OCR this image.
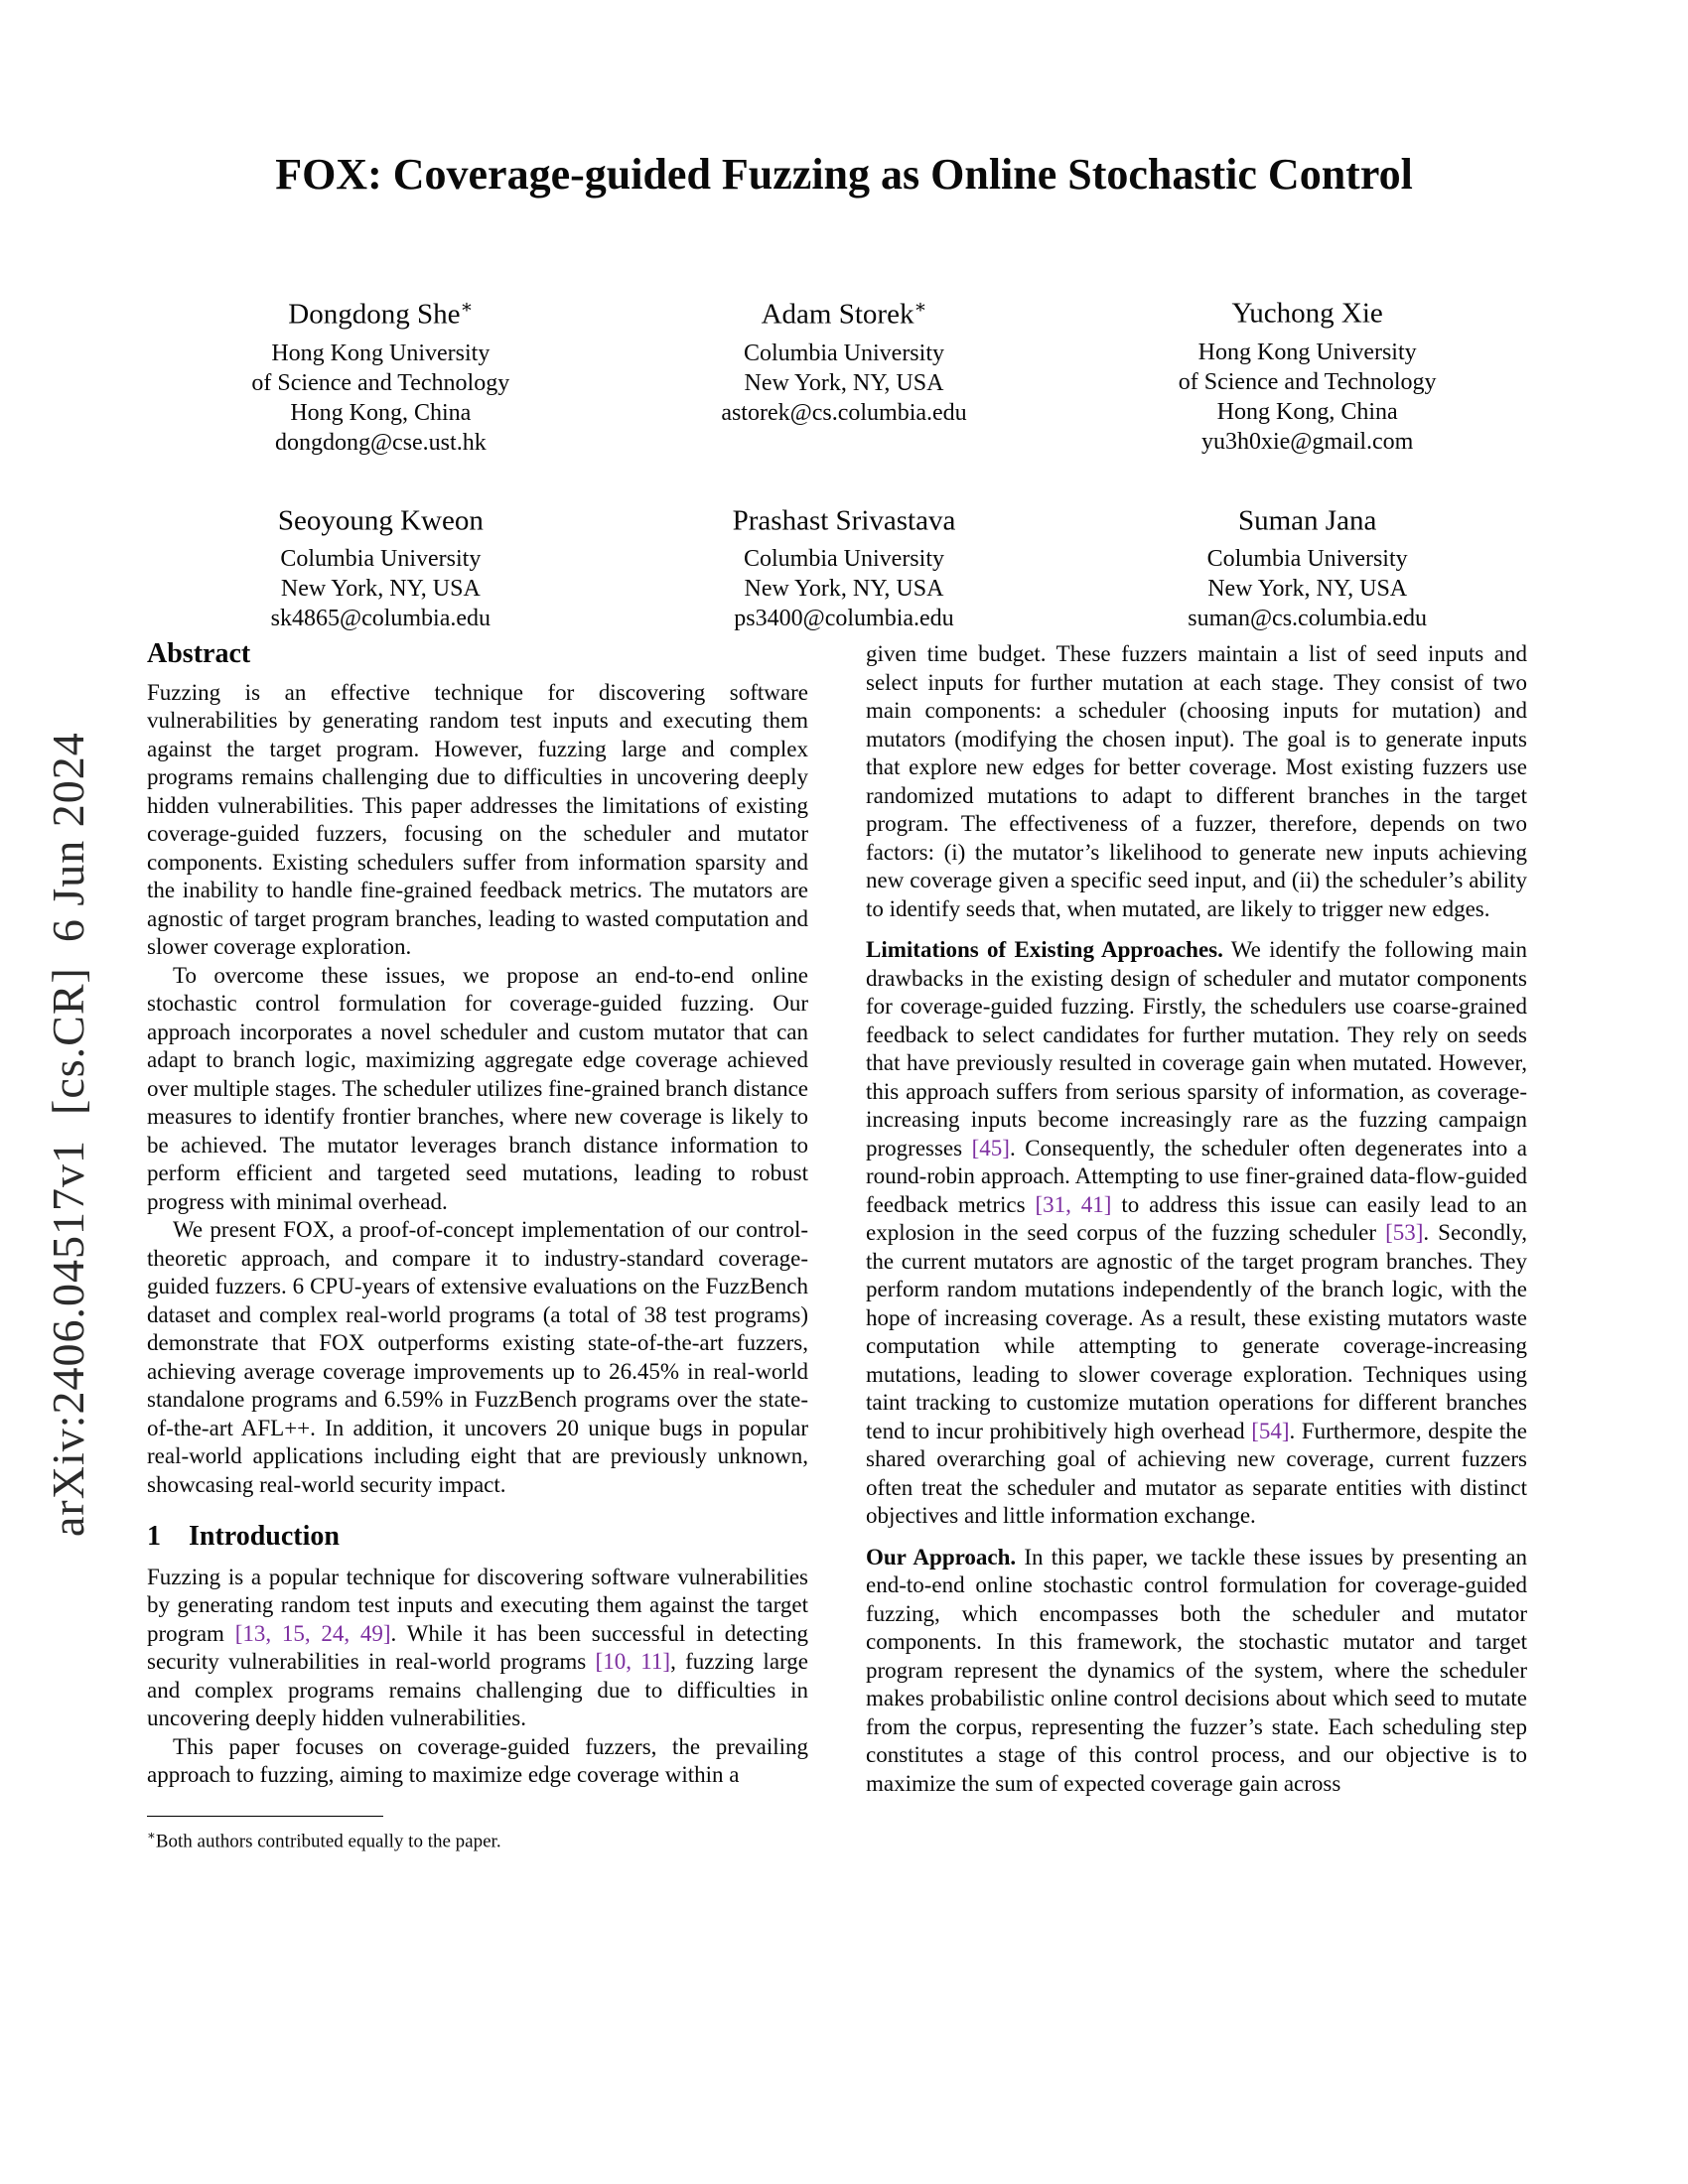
arXiv:2406.04517v1  [cs.CR]  6 Jun 2024
FOX: Coverage-guided Fuzzing as Online Stochastic Control
Dongdong She∗
Hong Kong University
of Science and Technology
Hong Kong, China
dongdong@cse.ust.hk
Adam Storek∗
Columbia University
New York, NY, USA
astorek@cs.columbia.edu
Yuchong Xie
Hong Kong University
of Science and Technology
Hong Kong, China
yu3h0xie@gmail.com
Seoyoung Kweon
Columbia University
New York, NY, USA
sk4865@columbia.edu
Prashast Srivastava
Columbia University
New York, NY, USA
ps3400@columbia.edu
Suman Jana
Columbia University
New York, NY, USA
suman@cs.columbia.edu
Abstract

Fuzzing is an effective technique for discovering software vulnerabilities by generating random test inputs and executing them against the target program. However, fuzzing large and complex programs remains challenging due to difficulties in uncovering deeply hidden vulnerabilities. This paper addresses the limitations of existing coverage-guided fuzzers, focusing on the scheduler and mutator components. Existing schedulers suffer from information sparsity and the inability to handle fine-grained feedback metrics. The mutators are agnostic of target program branches, leading to wasted computation and slower coverage exploration.

To overcome these issues, we propose an end-to-end online stochastic control formulation for coverage-guided fuzzing. Our approach incorporates a novel scheduler and custom mutator that can adapt to branch logic, maximizing aggregate edge coverage achieved over multiple stages. The scheduler utilizes fine-grained branch distance measures to identify frontier branches, where new coverage is likely to be achieved. The mutator leverages branch distance information to perform efficient and targeted seed mutations, leading to robust progress with minimal overhead.

We present FOX, a proof-of-concept implementation of our control-theoretic approach, and compare it to industry-standard coverage-guided fuzzers. 6 CPU-years of extensive evaluations on the FuzzBench dataset and complex real-world programs (a total of 38 test programs) demonstrate that FOX outperforms existing state-of-the-art fuzzers, achieving average coverage improvements up to 26.45% in real-world standalone programs and 6.59% in FuzzBench programs over the state-of-the-art AFL++. In addition, it uncovers 20 unique bugs in popular real-world applications including eight that are previously unknown, showcasing real-world security impact.

1 Introduction

Fuzzing is a popular technique for discovering software vulnerabilities by generating random test inputs and executing them against the target program [13, 15, 24, 49]. While it has been successful in detecting security vulnerabilities in real-world programs [10, 11], fuzzing large and complex programs remains challenging due to difficulties in uncovering deeply hidden vulnerabilities.

This paper focuses on coverage-guided fuzzers, the prevailing approach to fuzzing, aiming to maximize edge coverage within a

∗Both authors contributed equally to the paper.

given time budget. These fuzzers maintain a list of seed inputs and select inputs for further mutation at each stage. They consist of two main components: a scheduler (choosing inputs for mutation) and mutators (modifying the chosen input). The goal is to generate inputs that explore new edges for better coverage. Most existing fuzzers use randomized mutations to adapt to different branches in the target program. The effectiveness of a fuzzer, therefore, depends on two factors: (i) the mutator’s likelihood to generate new inputs achieving new coverage given a specific seed input, and (ii) the scheduler’s ability to identify seeds that, when mutated, are likely to trigger new edges.

Limitations of Existing Approaches. We identify the following main drawbacks in the existing design of scheduler and mutator components for coverage-guided fuzzing. Firstly, the schedulers use coarse-grained feedback to select candidates for further mutation. They rely on seeds that have previously resulted in coverage gain when mutated. However, this approach suffers from serious sparsity of information, as coverage-increasing inputs become increasingly rare as the fuzzing campaign progresses [45]. Consequently, the scheduler often degenerates into a round-robin approach. Attempting to use finer-grained data-flow-guided feedback metrics [31, 41] to address this issue can easily lead to an explosion in the seed corpus of the fuzzing scheduler [53]. Secondly, the current mutators are agnostic of the target program branches. They perform random mutations independently of the branch logic, with the hope of increasing coverage. As a result, these existing mutators waste computation while attempting to generate coverage-increasing mutations, leading to slower coverage exploration. Techniques using taint tracking to customize mutation operations for different branches tend to incur prohibitively high overhead [54]. Furthermore, despite the shared overarching goal of achieving new coverage, current fuzzers often treat the scheduler and mutator as separate entities with distinct objectives and little information exchange.

Our Approach. In this paper, we tackle these issues by presenting an end-to-end online stochastic control formulation for coverage-guided fuzzing, which encompasses both the scheduler and mutator components. In this framework, the stochastic mutator and target program represent the dynamics of the system, where the scheduler makes probabilistic online control decisions about which seed to mutate from the corpus, representing the fuzzer’s state. Each scheduling step constitutes a stage of this control process, and our objective is to maximize the sum of expected coverage gain across
